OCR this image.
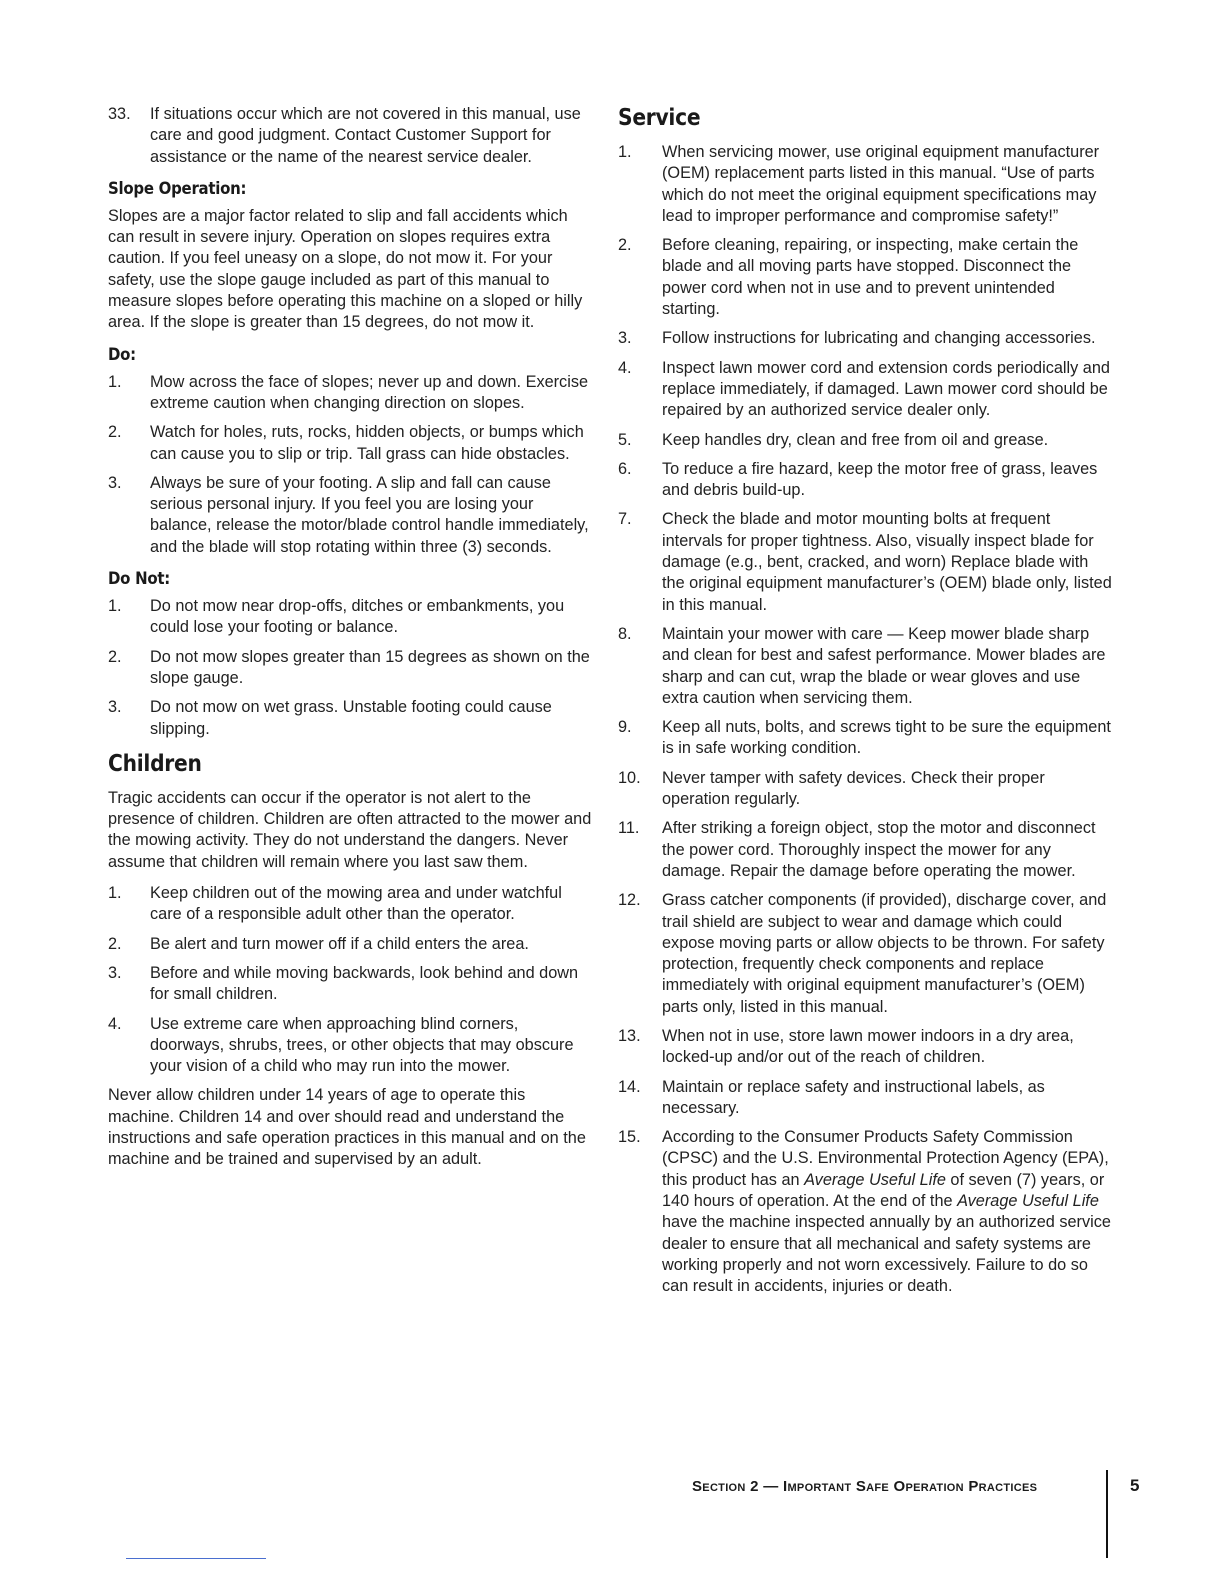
33.	If situations occur which are not covered in this manual, use care and good judgment. Contact Customer Support for assistance or the name of the nearest service dealer.
Slope Operation:

Slopes are a major factor related to slip and fall accidents which can result in severe injury. Operation on slopes requires extra caution. If you feel uneasy on a slope, do not mow it. For your safety, use the slope gauge included as part of this manual to measure slopes before operating this machine on a sloped or hilly area. If the slope is greater than 15 degrees, do not mow it.

Do:
1.	Mow across the face of slopes; never up and down. Exercise extreme caution when changing direction on slopes.
2.	Watch for holes, ruts, rocks, hidden objects, or bumps which can cause you to slip or trip. Tall grass can hide obstacles.
3.	Always be sure of your footing. A slip and fall can cause serious personal injury. If you feel you are losing your balance, release the motor/blade control handle immediately, and the blade will stop rotating within three (3) seconds.
Do Not:
1.	Do not mow near drop-offs, ditches or embankments, you could lose your footing or balance.
2.	Do not mow slopes greater than 15 degrees as shown on the slope gauge.
3.	Do not mow on wet grass. Unstable footing could cause slipping.
Children

Tragic accidents can occur if the operator is not alert to the presence of children. Children are often attracted to the mower and the mowing activity. They do not understand the dangers. Never assume that children will remain where you last saw them.

1.	Keep children out of the mowing area and under watchful care of a responsible adult other than the operator.
2.	Be alert and turn mower off if a child enters the area.
3.	Before and while moving backwards, look behind and down for small children.
4.	Use extreme care when approaching blind corners, doorways, shrubs, trees, or other objects that may obscure your vision of a child who may run into the mower.

Never allow children under 14 years of age to operate this machine. Children 14 and over should read and understand the instructions and safe operation practices in this manual and on the machine and be trained and supervised by an adult.

Service
1.	When servicing mower, use original equipment manufacturer (OEM) replacement parts listed in this manual. “Use of parts which do not meet the original equipment specifications may lead to improper performance and compromise safety!”
2.	Before cleaning, repairing, or inspecting, make certain the blade and all moving parts have stopped. Disconnect the power cord when not in use and to prevent unintended starting.
3.	Follow instructions for lubricating and changing accessories.
4.	Inspect lawn mower cord and extension cords periodically and replace immediately, if damaged. Lawn mower cord should be repaired by an authorized service dealer only.
5.	Keep handles dry, clean and free from oil and grease.
6.	To reduce a fire hazard, keep the motor free of grass, leaves and debris build-up.
7.	Check the blade and motor mounting bolts at frequent intervals for proper tightness. Also, visually inspect blade for damage (e.g., bent, cracked, and worn) Replace blade with the original equipment manufacturer’s (OEM) blade only, listed in this manual.
8.	Maintain your mower with care — Keep mower blade sharp and clean for best and safest performance. Mower blades are sharp and can cut, wrap the blade or wear gloves and use extra caution when servicing them.
9.	Keep all nuts, bolts, and screws tight to be sure the equipment is in safe working condition.
10.	Never tamper with safety devices. Check their proper operation regularly.
11.	After striking a foreign object, stop the motor and disconnect the power cord. Thoroughly inspect the mower for any damage. Repair the damage before operating the mower.
12.	Grass catcher components (if provided), discharge cover, and trail shield are subject to wear and damage which could expose moving parts or allow objects to be thrown. For safety protection, frequently check components and replace immediately with original equipment manufacturer’s (OEM) parts only, listed in this manual.
13.	When not in use, store lawn mower indoors in a dry area, locked-up and/or out of the reach of children.
14.	Maintain or replace safety and instructional labels, as necessary.
15.	According to the Consumer Products Safety Commission (CPSC) and the U.S. Environmental Protection Agency (EPA), this product has an Average Useful Life of seven (7) years, or 140 hours of operation. At the end of the Average Useful Life have the machine inspected annually by an authorized service dealer to ensure that all mechanical and safety systems are working properly and not worn excessively. Failure to do so can result in accidents, injuries or death.
Section 2 — Important Safe Operation Practices	5
